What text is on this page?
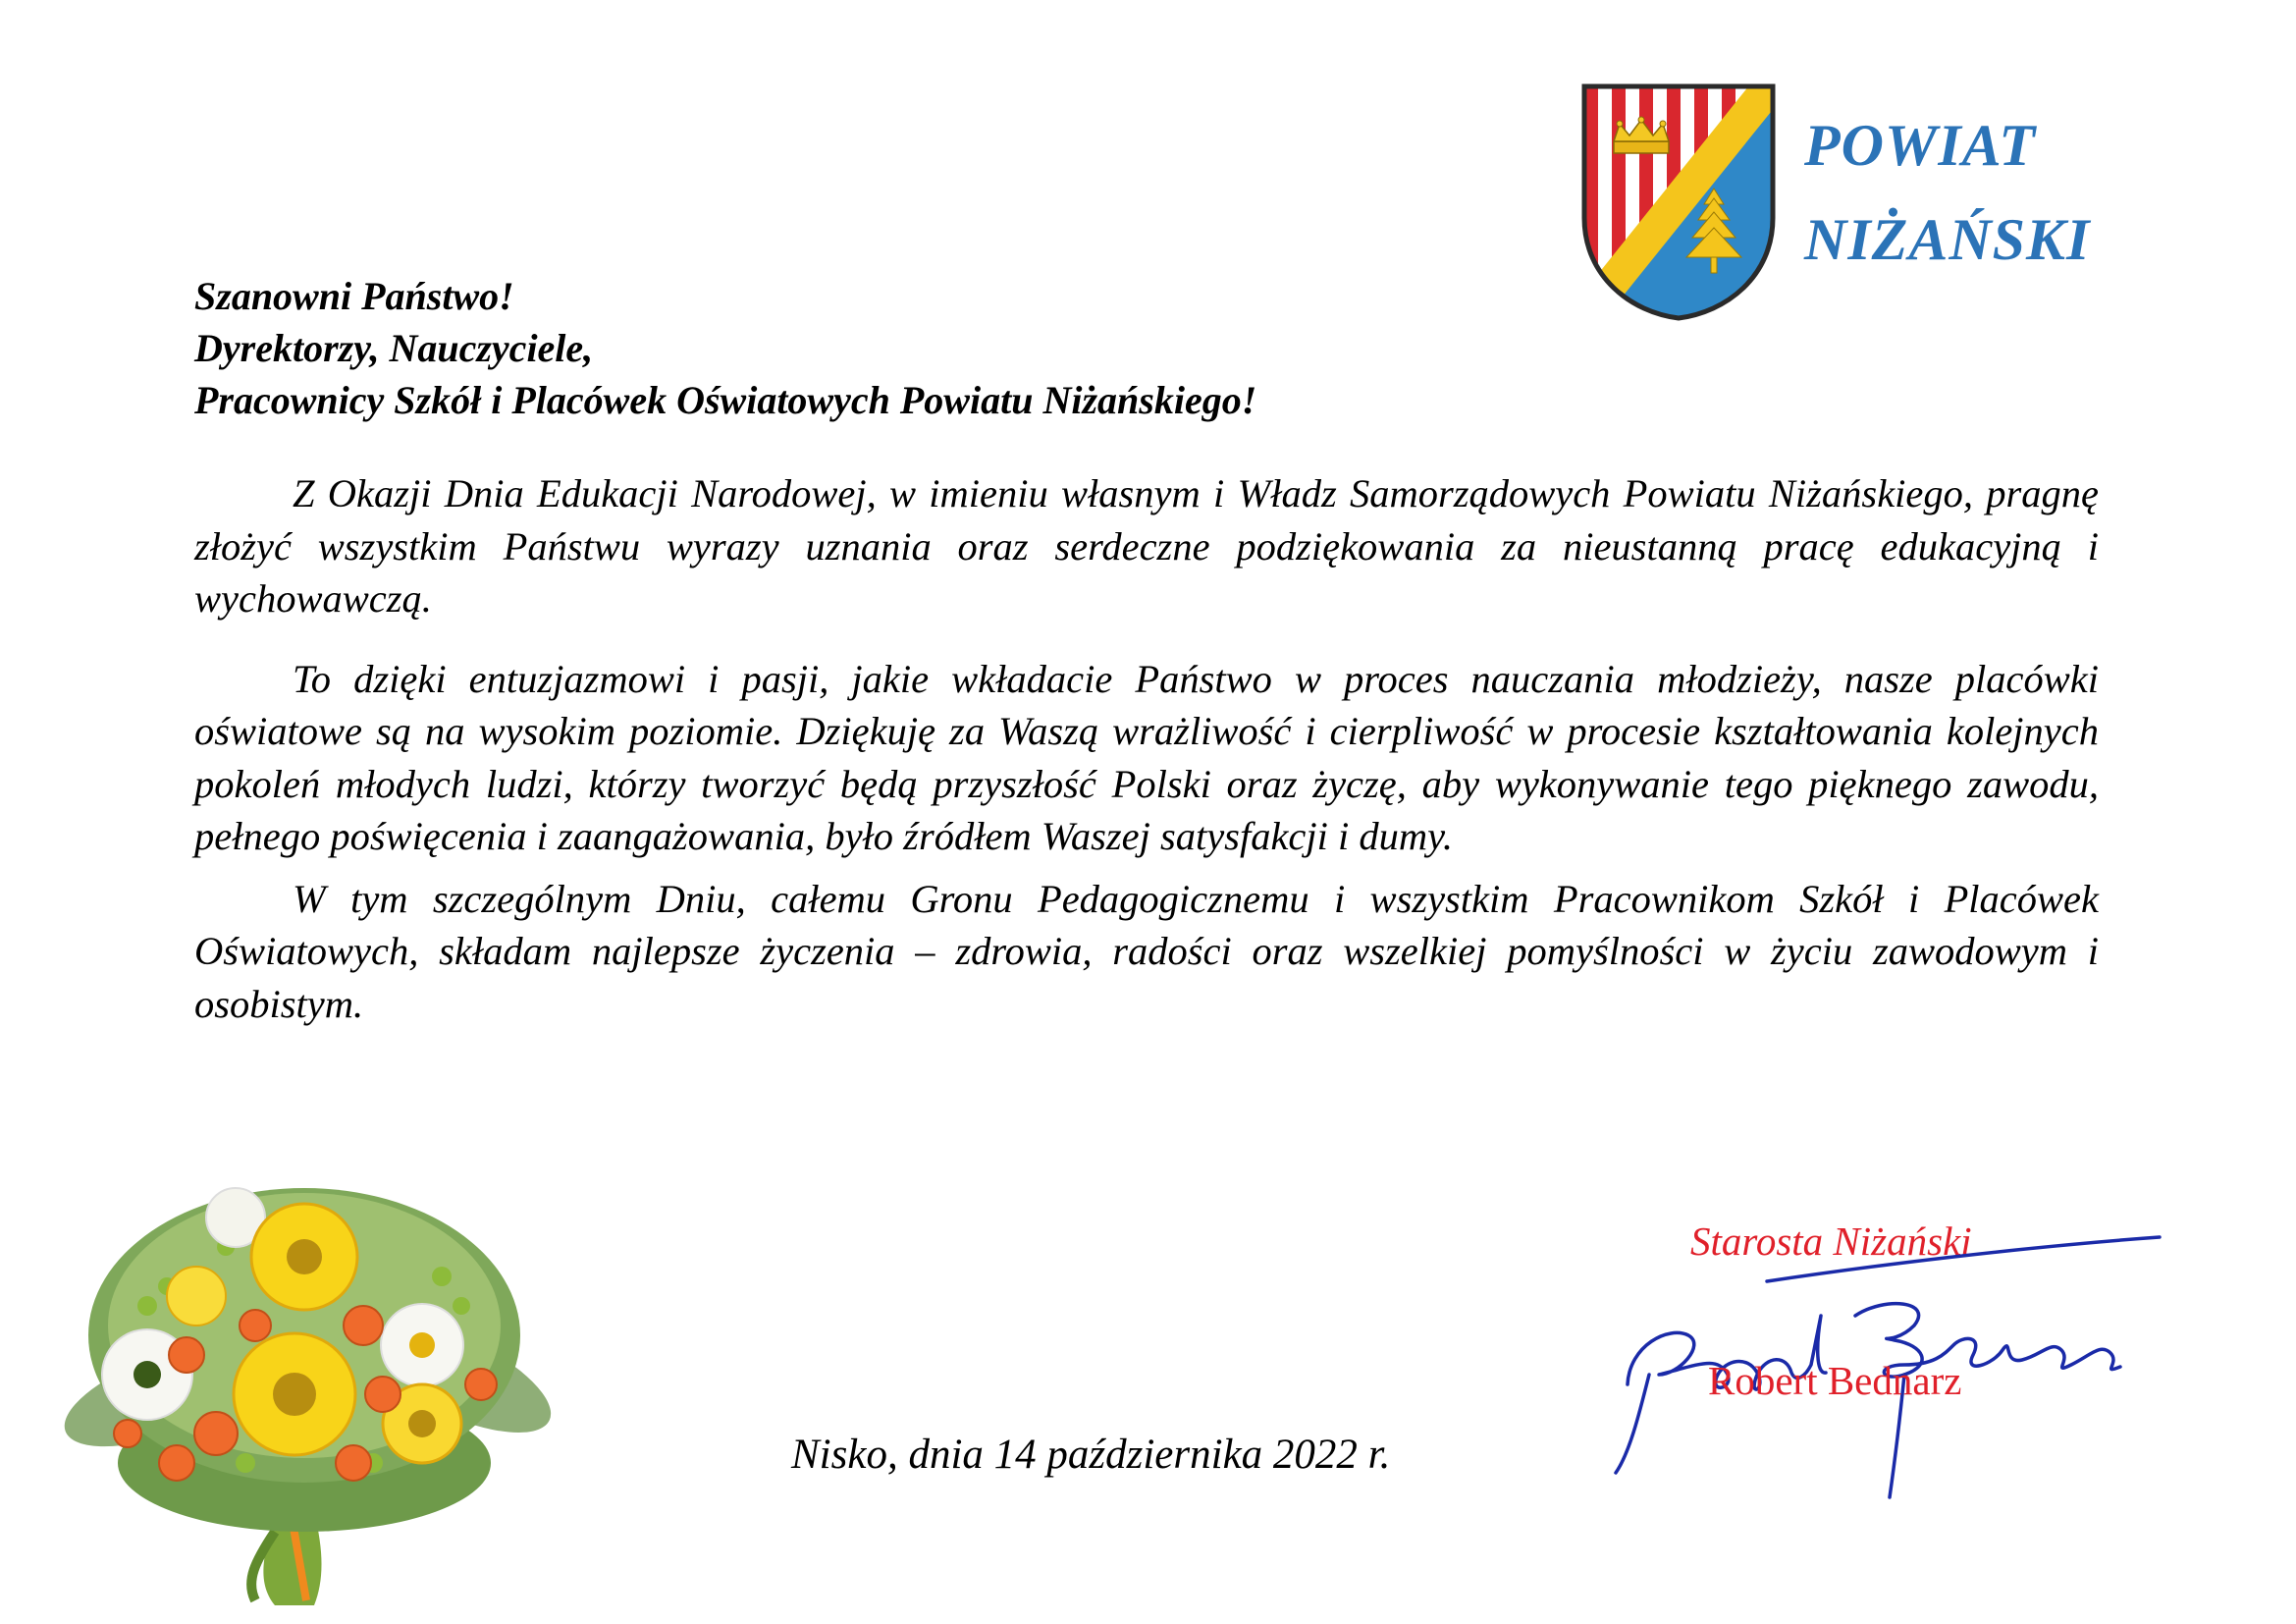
POWIAT
NIŻAŃSKI
Szanowni Państwo!
Dyrektorzy, Nauczyciele,
Pracownicy Szkół i Placówek Oświatowych Powiatu Niżańskiego!

Z Okazji Dnia Edukacji Narodowej, w imieniu własnym i Władz Samorządowych Powiatu Niżańskiego, pragnę złożyć wszystkim Państwu wyrazy uznania oraz serdeczne podziękowania za nieustanną pracę edukacyjną i wychowawczą.

To dzięki entuzjazmowi i pasji, jakie wkładacie Państwo w proces nauczania młodzieży, nasze placówki oświatowe są na wysokim poziomie. Dziękuję za Waszą wrażliwość i cierpliwość w procesie kształtowania kolejnych pokoleń młodych ludzi, którzy tworzyć będą przyszłość Polski oraz życzę, aby wykonywanie tego pięknego zawodu, pełnego poświęcenia i zaangażowania, było źródłem Waszej satysfakcji i dumy.

W tym szczególnym Dniu, całemu Gronu Pedagogicznemu i wszystkim Pracownikom Szkół i Placówek Oświatowych, składam najlepsze życzenia – zdrowia, radości oraz wszelkiej pomyślności w życiu zawodowym i osobistym.

Starosta Niżański
Robert Bednarz
Nisko, dnia 14 października 2022 r.
